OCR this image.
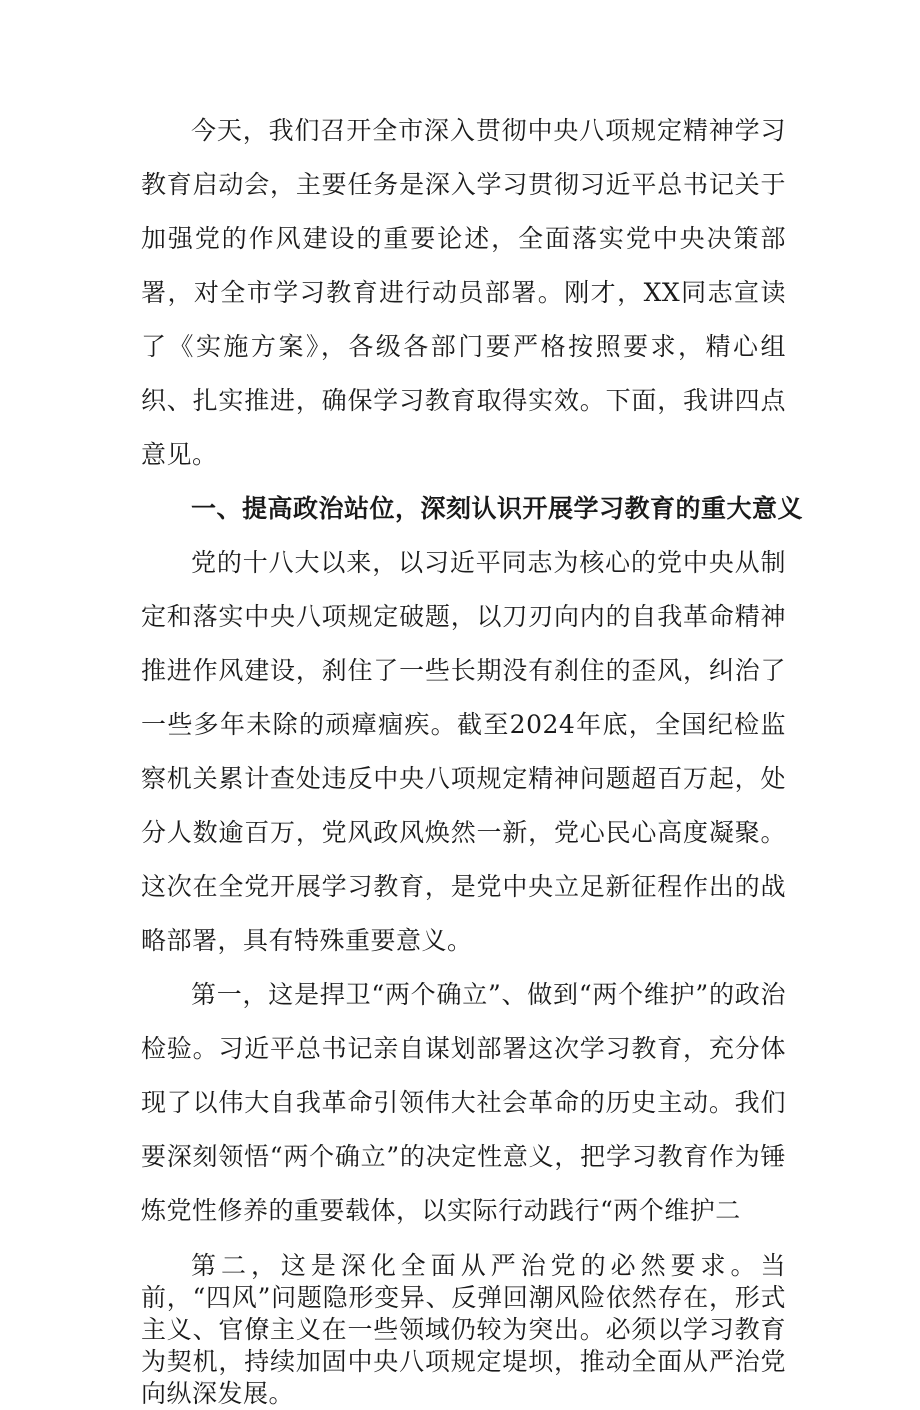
今天，我们召开全市深入贯彻中央八项规定精神学习教育启动会，主要任务是深入学习贯彻习近平总书记关于加强党的作风建设的重要论述，全面落实党中央决策部署，对全市学习教育进行动员部署。刚才，XX同志宣读了《实施方案》，各级各部门要严格按照要求，精心组织、扎实推进，确保学习教育取得实效。下面，我讲四点意见。

一、提高政治站位，深刻认识开展学习教育的重大意义

党的十八大以来，以习近平同志为核心的党中央从制定和落实中央八项规定破题，以刀刃向内的自我革命精神推进作风建设，刹住了一些长期没有刹住的歪风，纠治了一些多年未除的顽瘴痼疾。截至2024年底，全国纪检监察机关累计查处违反中央八项规定精神问题超百万起，处分人数逾百万，党风政风焕然一新，党心民心高度凝聚。这次在全党开展学习教育，是党中央立足新征程作出的战略部署，具有特殊重要意义。

第一，这是捍卫“两个确立”、做到“两个维护”的政治检验。习近平总书记亲自谋划部署这次学习教育，充分体现了以伟大自我革命引领伟大社会革命的历史主动。我们要深刻领悟“两个确立”的决定性意义，把学习教育作为锤炼党性修养的重要载体，以实际行动践行“两个维护二

第二，这是深化全面从严治党的必然要求。当前，“四风”问题隐形变异、反弹回潮风险依然存在，形式主义、官僚主义在一些领域仍较为突出。必须以学习教育为契机，持续加固中央八项规定堤坝，推动全面从严治党向纵深发展。
